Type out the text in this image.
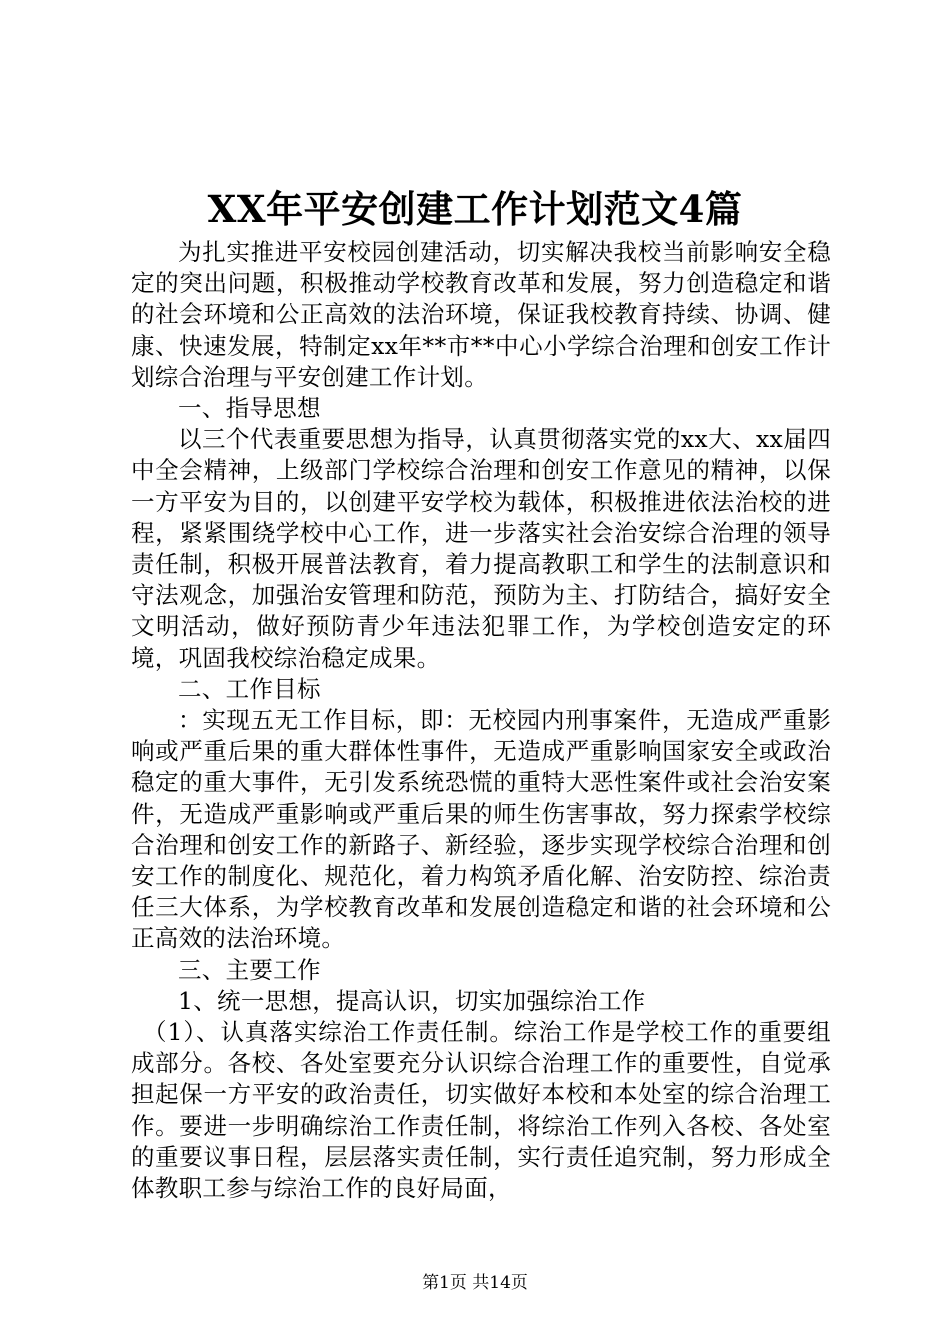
XX年平安创建工作计划范文4篇

为扎实推进平安校园创建活动，切实解决我校当前影响安全稳定的突出问题，积极推动学校教育改革和发展，努力创造稳定和谐的社会环境和公正高效的法治环境，保证我校教育持续、协调、健康、快速发展，特制定xx年**市**中心小学综合治理和创安工作计划综合治理与平安创建工作计划。

一、指导思想

以三个代表重要思想为指导，认真贯彻落实党的xx大、xx届四中全会精神，上级部门学校综合治理和创安工作意见的精神，以保一方平安为目的，以创建平安学校为载体，积极推进依法治校的进程，紧紧围绕学校中心工作，进一步落实社会治安综合治理的领导责任制，积极开展普法教育，着力提高教职工和学生的法制意识和守法观念，加强治安管理和防范，预防为主、打防结合，搞好安全文明活动，做好预防青少年违法犯罪工作，为学校创造安定的环境，巩固我校综治稳定成果。

二、工作目标

：实现五无工作目标，即：无校园内刑事案件，无造成严重影响或严重后果的重大群体性事件，无造成严重影响国家安全或政治稳定的重大事件，无引发系统恐慌的重特大恶性案件或社会治安案件，无造成严重影响或严重后果的师生伤害事故，努力探索学校综合治理和创安工作的新路子、新经验，逐步实现学校综合治理和创安工作的制度化、规范化，着力构筑矛盾化解、治安防控、综治责任三大体系，为学校教育改革和发展创造稳定和谐的社会环境和公正高效的法治环境。

三、主要工作

1、统一思想，提高认识，切实加强综治工作

（1）、认真落实综治工作责任制。综治工作是学校工作的重要组成部分。各校、各处室要充分认识综合治理工作的重要性，自觉承担起保一方平安的政治责任，切实做好本校和本处室的综合治理工作。要进一步明确综治工作责任制，将综治工作列入各校、各处室的重要议事日程，层层落实责任制，实行责任追究制，努力形成全体教职工参与综治工作的良好局面，

第1页 共14页
